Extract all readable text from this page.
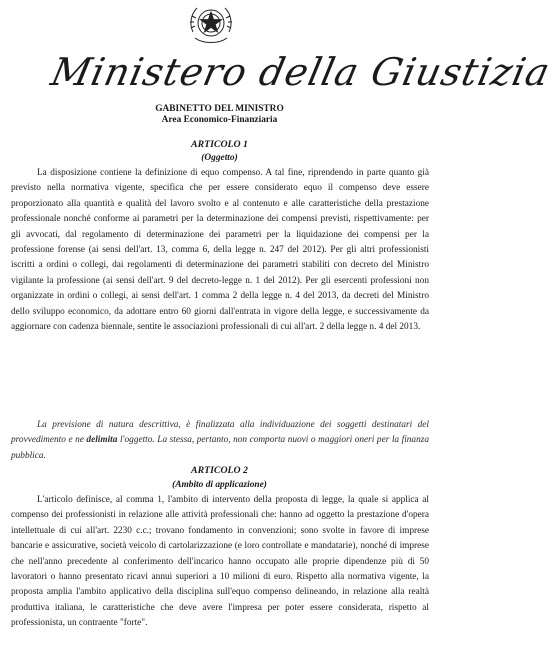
Ministero della Giustizia
GABINETTO DEL MINISTRO
Area Economico-Finanziaria
ARTICOLO 1
(Oggetto)
La disposizione contiene la definizione di equo compenso. A tal fine, riprendendo in parte quanto già previsto nella normativa vigente, specifica che per essere considerato equo il compenso deve essere proporzionato alla quantità e qualità del lavoro svolto e al contenuto e alle caratteristiche della prestazione professionale nonché conforme ai parametri per la determinazione dei compensi previsti, rispettivamente: per gli avvocati, dal regolamento di determinazione dei parametri per la liquidazione dei compensi per la professione forense (ai sensi dell'art. 13, comma 6, della legge n. 247 del 2012). Per gli altri professionisti iscritti a ordini o collegi, dai regolamenti di determinazione dei parametri stabiliti con decreto del Ministro vigilante la professione (ai sensi dell'art. 9 del decreto-legge n. 1 del 2012). Per gli esercenti professioni non organizzate in ordini o collegi, ai sensi dell'art. 1 comma 2 della legge n. 4 del 2013, da decreti del Ministro dello sviluppo economico, da adottare entro 60 giorni dall'entrata in vigore della legge, e successivamente da aggiornare con cadenza biennale, sentite le associazioni professionali di cui all'art. 2 della legge n. 4 del 2013.
La previsione di natura descrittiva, è finalizzata alla individuazione dei soggetti destinatari del provvedimento e ne delimita l'oggetto. La stessa, pertanto, non comporta nuovi o maggiori oneri per la finanza pubblica.
ARTICOLO 2
(Ambito di applicazione)
L'articolo definisce, al comma 1, l'ambito di intervento della proposta di legge, la quale si applica al compenso dei professionisti in relazione alle attività professionali che: hanno ad oggetto la prestazione d'opera intellettuale di cui all'art. 2230 c.c.; trovano fondamento in convenzioni; sono svolte in favore di imprese bancarie e assicurative, società veicolo di cartolarizzazione (e loro controllate e mandatarie), nonché di imprese che nell'anno precedente al conferimento dell'incarico hanno occupato alle proprie dipendenze più di 50 lavoratori o hanno presentato ricavi annui superiori a 10 milioni di euro. Rispetto alla normativa vigente, la proposta amplia l'ambito applicativo della disciplina sull'equo compenso delineando, in relazione alla realtà produttiva italiana, le caratteristiche che deve avere l'impresa per poter essere considerata, rispetto al professionista, un contraente "forte".
